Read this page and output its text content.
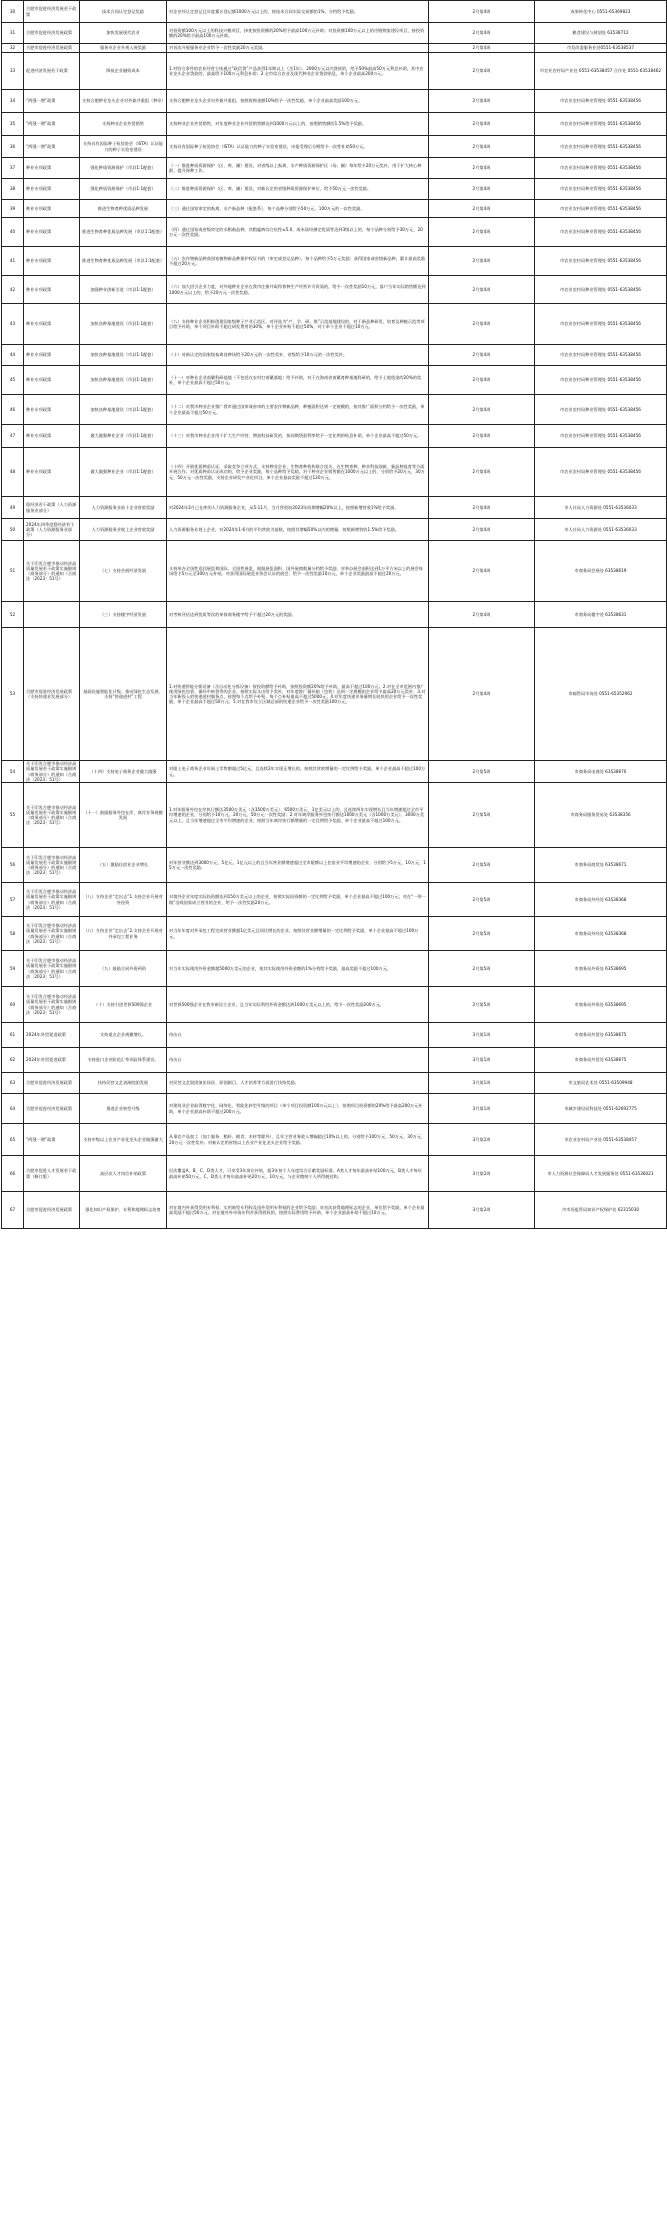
30	合肥市促进经济发展若干政策	技术合同认定登记奖励	对企业经认定登记且年度累计登记额1000万元以上的，按技术合同实际交易额的1%，分档给予奖励。	2月第4周	成果转化中心 0551-65369823
31	合肥市促进经济发展政策	加快发展现代农业	对投资额100万元以上的科技兴粮项目，择优按投资额的20%给予最高100万元补助；对投资额100万元以上的冷链物流建设项目，按投资额的20%给予最高100万元补助。	2月第4周	粮食建设与规划处 63538712
32	合肥市促进经济发展政策	服务业企业升规入统奖励	对首次升规服务业企业给予一次性奖励20万元奖励。	2月第4周	市发改委服务业处0551-63538537
33	促进经济发展若干政策	降低企业融资成本	1.对符合条件的农业经营主体通过“政信贷”产品获得1年期以上（含1年）、2000万元以内贷款的，给予50%最高50万元利息补助，其中农业龙头企业贷款的，最高给予100万元利息补助；2.全市综合农业及现代种业企业贷款贴息，单个企业最高200万元。	2月第4周	市农业农村局产业处 0551-63538457 合作处 0551-63538462
34	“两强一增”政策	支持合肥种业龙头企业对外兼并重组（种业）	支持合肥种业龙头企业对外兼并重组，按照收购金额10%给予一次性奖励，单个企业最高奖励100万元。	2月第4周	市农业农村局种业管理处 0551-63538456
35	“两强一增”政策	支持种业企业外贸销售	支持种业企业外贸销售，对年度种业企业外贸销售额达到1000万元以上的，按照销售额的1.5%给予奖励。	2月第4周	市农业农村局种业管理处 0551-63538456
36	“两强一增”政策	支持具有国际种子检验协会（ISTA）认证能力的种子实验室建设	支持具有国际种子检验协会（ISTA）认证能力的种子实验室建设，申报受理后分期给予一次性补助50万元。	2月第4周	市农业农村局种业管理处 0551-63538456
37	种业专项政策	强化种质资源保护（市县1:1配套）	（一）推进种质资源保护（区、库、圃）建设，对省级以上畜禽、水产种质资源保护区（场、圃）每年给予20万元奖补，用于扩大核心种群、提升保种工作。	2月第4周	市农业农村局种业管理处 0551-63538456
38	种业专项政策	强化种质资源保护（市县1:1配套）	（二）推进种质资源保护（区、库、圃）建设，对新认定的省级种质资源保护单位，给予50万元一次性奖励。	2月第4周	市农业农村局种业管理处 0551-63538456
39	种业专项政策	推进生物育种优质品种发展	（三）通过国家审定的畜禽、水产新品种（配套系），每个品种分别给予50万元、100万元的一次性奖励。	2月第4周	市农业农村局种业管理处 0551-63538456
40	种业专项政策	推进生物育种优质品种发展（市县1:1配套）	（四）通过国家或省级审定的水稻新品种，其稻瘟病综合抗性≤5.0、或米质经测定优质等达到3级以上的，每个品种分别给予30万元、20万元一次性奖励。	2月第4周	市农业农村局种业管理处 0551-63538456
41	种业专项政策	推进生物育种优质品种发展（市县1:1配套）	（五）农作物新品种获国家植物新品种保护权证书的（审定或登记品种），每个品种给予5万元奖励；获得国家或省级新品种，累计最高奖励不超过20万元。	2月第4周	市农业农村局种业管理处 0551-63538456
42	种业专项政策	加强种业创新引进（市县1:1配套）	（六）加大招引企业力度，对外地种业企业在我市注册并取得育种生产经营许可资质的，给予一次性奖励10万元，落户当年实际销售额达到1000万元以上的，给予20万元一次性奖励。	2月第4周	市农业农村局种业管理处 0551-63538456
43	种业专项政策	加快良种基地建设（市县1:1配套）	（八）支持种业企业积极创建国家级种子产业示范区，对评选为“产、学、研、推”示范基地建设的，对于新品种研发、培育及种植示范等项目给予补助，单个项目补助不超过研发费用的30%，单个企业补贴不超过50%，对于单个企业不超过10万元。	2月第4周	市农业农村局种业管理处 0551-63538456
44	种业专项政策	加快良种基地建设（市县1:1配套）	（十）对新认定的国家级畜禽良种场给予20万元的一次性奖补，省级给予10万元的一次性奖补。	2月第4周	市农业农村局种业管理处 0551-63538456
45	种业专项政策	加快良种基地建设（市县1:1配套）	（十一）对种业企业南繁科研基地（不包括在农村打南繁基地）给予补助，对于在海南省南繁育种基地科研的，给予土地租金的20%的奖补，单个企业最高不超过50万元。	2月第4周	市农业农村局种业管理处 0551-63538456
46	种业专项政策	加快良种基地建设（市县1:1配套）	（十二）对我市种业企业推广我市通过国审或省审的主要农作物新品种，种植面积达到一定规模的，按其推广面积分档给予一次性奖励，单个企业最高不超过50万元。	2月第4周	市农业农村局种业管理处 0551-63538456
47	种业专项政策	做大做强种业企业（市县1:1配套）	（十三）对我市种业企业用于扩大生产经营、增加科技研发的，按同期贷款利率给予一定比例的贴息补助，单个企业最高不超过50万元。	2月第4周	市农业农村局种业管理处 0551-63538456
48	种业专项政策	做大做强种业企业（市县1:1配套）	（十四）开展优质种苗认证，采取竞争立项方式，支持种业企业、生物育种机构联合攻关，在生物育种、种业科技创新、新品种选育等方面开展合作，对优质种苗认证成功的，给予企业奖励，每个品种给予奖励，对于种业企业销售额在1000万元以上的，分别给予20万元、30万元、50万元一次性奖励，支持企业研发产业化项目，单个企业最高奖励不超过120万元。	2月第4周	市农业农村局种业管理处 0551-63538456
49	稳经济若干政策（人力资源服务业部分）	人力资源服务业前十企业营收奖励	对2024年3月已在库的人力资源服务企业，从5-11月，当月营收较2023年同期增幅20%以上，按照新增营收1%给予奖励。	2月第4周	市人社局人力资源处 0551-63536033
50	2024年四季度稳经济若干政策（人力资源服务业部分）	人力资源服务业规上企业营收奖励	人力资源服务业规上企业，对2024年1-6月的平均营收为基数，按照其增幅50%以内的增量，按照新增营收1.5%给予奖励。	2月第4周	市人社局人力资源处 0551-63536033
51	关于印发合肥市推动经济高质量发展若干政策实施细则（商务部分）的通知（合商法〔2023〕51号）	（七）支持会展经济发展	支持举办全国性巡回展览和国际、全国性展览，根据展览面积、国外展商数量分档给予奖励，对举办展会面积达到1万平方米以上的展会每场给予5万元至300万元补贴。对获得国际展览业协会认证的展会，给予一次性奖励10万元，单个企业奖励最高不超过20万元。	2月第4周	市商务局会展处 63538619
52		（三）支持楼宇经济发展	对考核评估达到优质等次的单体商务楼宇给予不超过20万元的奖励。	2月第4周	市商务局楼宇处 63538631
53	合肥市促进经济发展政策（支持快递业发展部分）	基础设施智能化升级、推动绿色生态发展、支持“快递进村”工程	1.对快递智能分拣设备（含自动化分拣设备）按投资额给予补助，按照投资额20%给予补助，最高不超过100万元；2.对在全市范围内推广使用绿色包装、循环中转袋等的企业，按照实际支出给予奖补，对年度推广循环箱（包装）达到一定规模的企业给予最高20万元奖补；3.对当年新投入的快递进村服务点，按照每个点给予补贴，每个点补贴最高不超过5000元；4.对年度快递业务量增长较快的企业给予一次性奖励，单个企业最高不超过50万元；5.对在我市设立区域总部的快递企业给予一次性奖励100万元。	2月第4周	市邮管局市场处 0551-65352962
54	关于印发合肥市推动经济高质量发展若干政策实施细则（商务部分）的通知（合商法〔2023〕51号）	（十四）支持电子商务企业做大做强	对限上电子商务企业年网上零售额超过5亿元，且连续2年实现正增长的，按照其营收增量的一定比例给予奖励，单个企业最高不超过100万元。	2月第5周	市商务局电商处 63538670
55	关于印发合肥市推动经济高质量发展若干政策实施细则（商务部分）的通知（合商法〔2023〕51号）	（十一）鼓励服务外包在岸、离岸业务规模发展	1.对年服务外包在岸执行额达3500万美元（含3500万美元）、6500万美元、1亿美元以上的，且连续两年实现增长且当年增速超过全市平均增速的企业，分别给予10万元、20万元、50万元一次性奖励；2.对年离岸服务外包执行额达1000万美元（含1000万美元）、3000万美元以上，且当年增速超过全市平均增速的企业，按照当年离岸执行额增量的一定比例给予奖励，单个企业最高不超过100万元。	2月第5周	市商务局服务贸易处 63538356
56	关于印发合肥市推动经济高质量发展若干政策实施细则（商务部分）的通知（合商法〔2023〕51号）	（五）激励住宿业企业增长	对年营业额达到3000万元、5亿元、1亿元以上的且当年营业额增速超过全市限额以上住宿业平均增速的企业，分别给予5万元、10万元、15万元一次性奖励。	2月第5周	市商务局商贸处 63538671
57	关于印发合肥市推动经济高质量发展若干政策实施细则（商务部分）的通知（合商法〔2023〕51号）	（八）支持企业“走出去”1.支持企业开展对外投资	对境外企业年度实际投资额达到150万美元以上的企业，按照实际投资额的一定比例给予奖励，单个企业最高不超过100万元；对在“一带一路”沿线国家成立营业的企业，给予一次性奖励20万元。	2月第5周	市商务局外经处 63538368
58	关于印发合肥市推动经济高质量发展若干政策实施细则（商务部分）的通知（合商法〔2023〕51号）	（八）支持企业“走出去”2.支持企业开展对外承包工程业务	对当年年度对外承包工程完成营业额超1亿美元且同比增长的企业，按照其营业额增量的一定比例给予奖励，单个企业最高不超过100万元。	2月第5周	市商务局外经处 63538368
59	关于印发合肥市推动经济高质量发展若干政策实施细则（商务部分）的通知（合商法〔2023〕51号）	（九）鼓励合同外资到资	对当年实际使用外资金额超5000万美元的企业，按其实际使用外资金额的1%分档给予奖励，最高奖励不超过100万元。	2月第5周	市商务局外资处 63538695
60	关于印发合肥市推动经济高质量发展若干政策实施细则（商务部分）的通知（合商法〔2023〕51号）	（十）支持引进世界500强企业	对世界500强企业在我市新设立企业，且当年实际利用外资金额达到1000万美元以上的，给予一次性奖励200万元。	2月第5周	市商务局外资处 63538695
61	2024年外贸促进政策	支持重点企业规模增长。	待出台	3月第1周	市商务局外贸处 63538675
62	2024年外贸促进政策	支持进口企业防范汇率风险体系建设。	待出台	3月第1周	市商务局外贸处 63538675
63	合肥市促进经济发展政策	扶持民营文艺表演院团发展	对民营文艺院团演出场次、原创剧目、人才培养等方面进行扶持奖励。	3月第1周	市文旅局艺术处 0551-63509948
64	合肥市促进经济发展政策	推进企业转型升级	对建筑业企业取得数字化、网络化、智能化转型升级的项目（单个项目投资额100万元以上），按照项目投资额的20%给予最高200万元补助，单个企业最高补助不超过200万元。	3月第1周	市城乡建设局科技处 0551-62692775
65	“两强一增”政策	支持市级以上农业产业化龙头企业做强做大	从事农产品加工（加工服务、稻虾、粮食、木材等除外）、且年主营业务收入增幅超过10%以上的，分别给予100万元、50万元、30万元、20万元一次性奖补。对新认定的省级以上农业产业化龙头企业给予奖励。	3月第2周	市农业农村局产业处 0551-63538457
66	合肥市促进人才发展若干政策（修订版）	高层次人才岗位补贴政策	层次覆盖A、B、C、D类人才，可享受3年岗位补贴，超3年按个人年度综合贡献奖励标准，A类人才每年最高补贴100万元，B类人才每年最高补贴50万元，C、D类人才每年最高补贴20万元、10万元，与企业缴纳个人所得税挂钩。	3月第2周	市人力资源社会保障局人才发展服务处 0551-63536021
67	合肥市促进经济发展政策	强化知识产权保护、专利和地理标志培育	对在境内外获得发明专利权、实用新型专利权及国外发明专利权的企业给予奖励；对首次获得地理标志的企业、单位给予奖励，单个企业最高奖励不超过50万元。对在境外外申请专利并获得授权的，按照实际费用给予补助，单个企业最高补助不超过10万元。	3月第2周	市市场监管局知识产权保护处 62315030
